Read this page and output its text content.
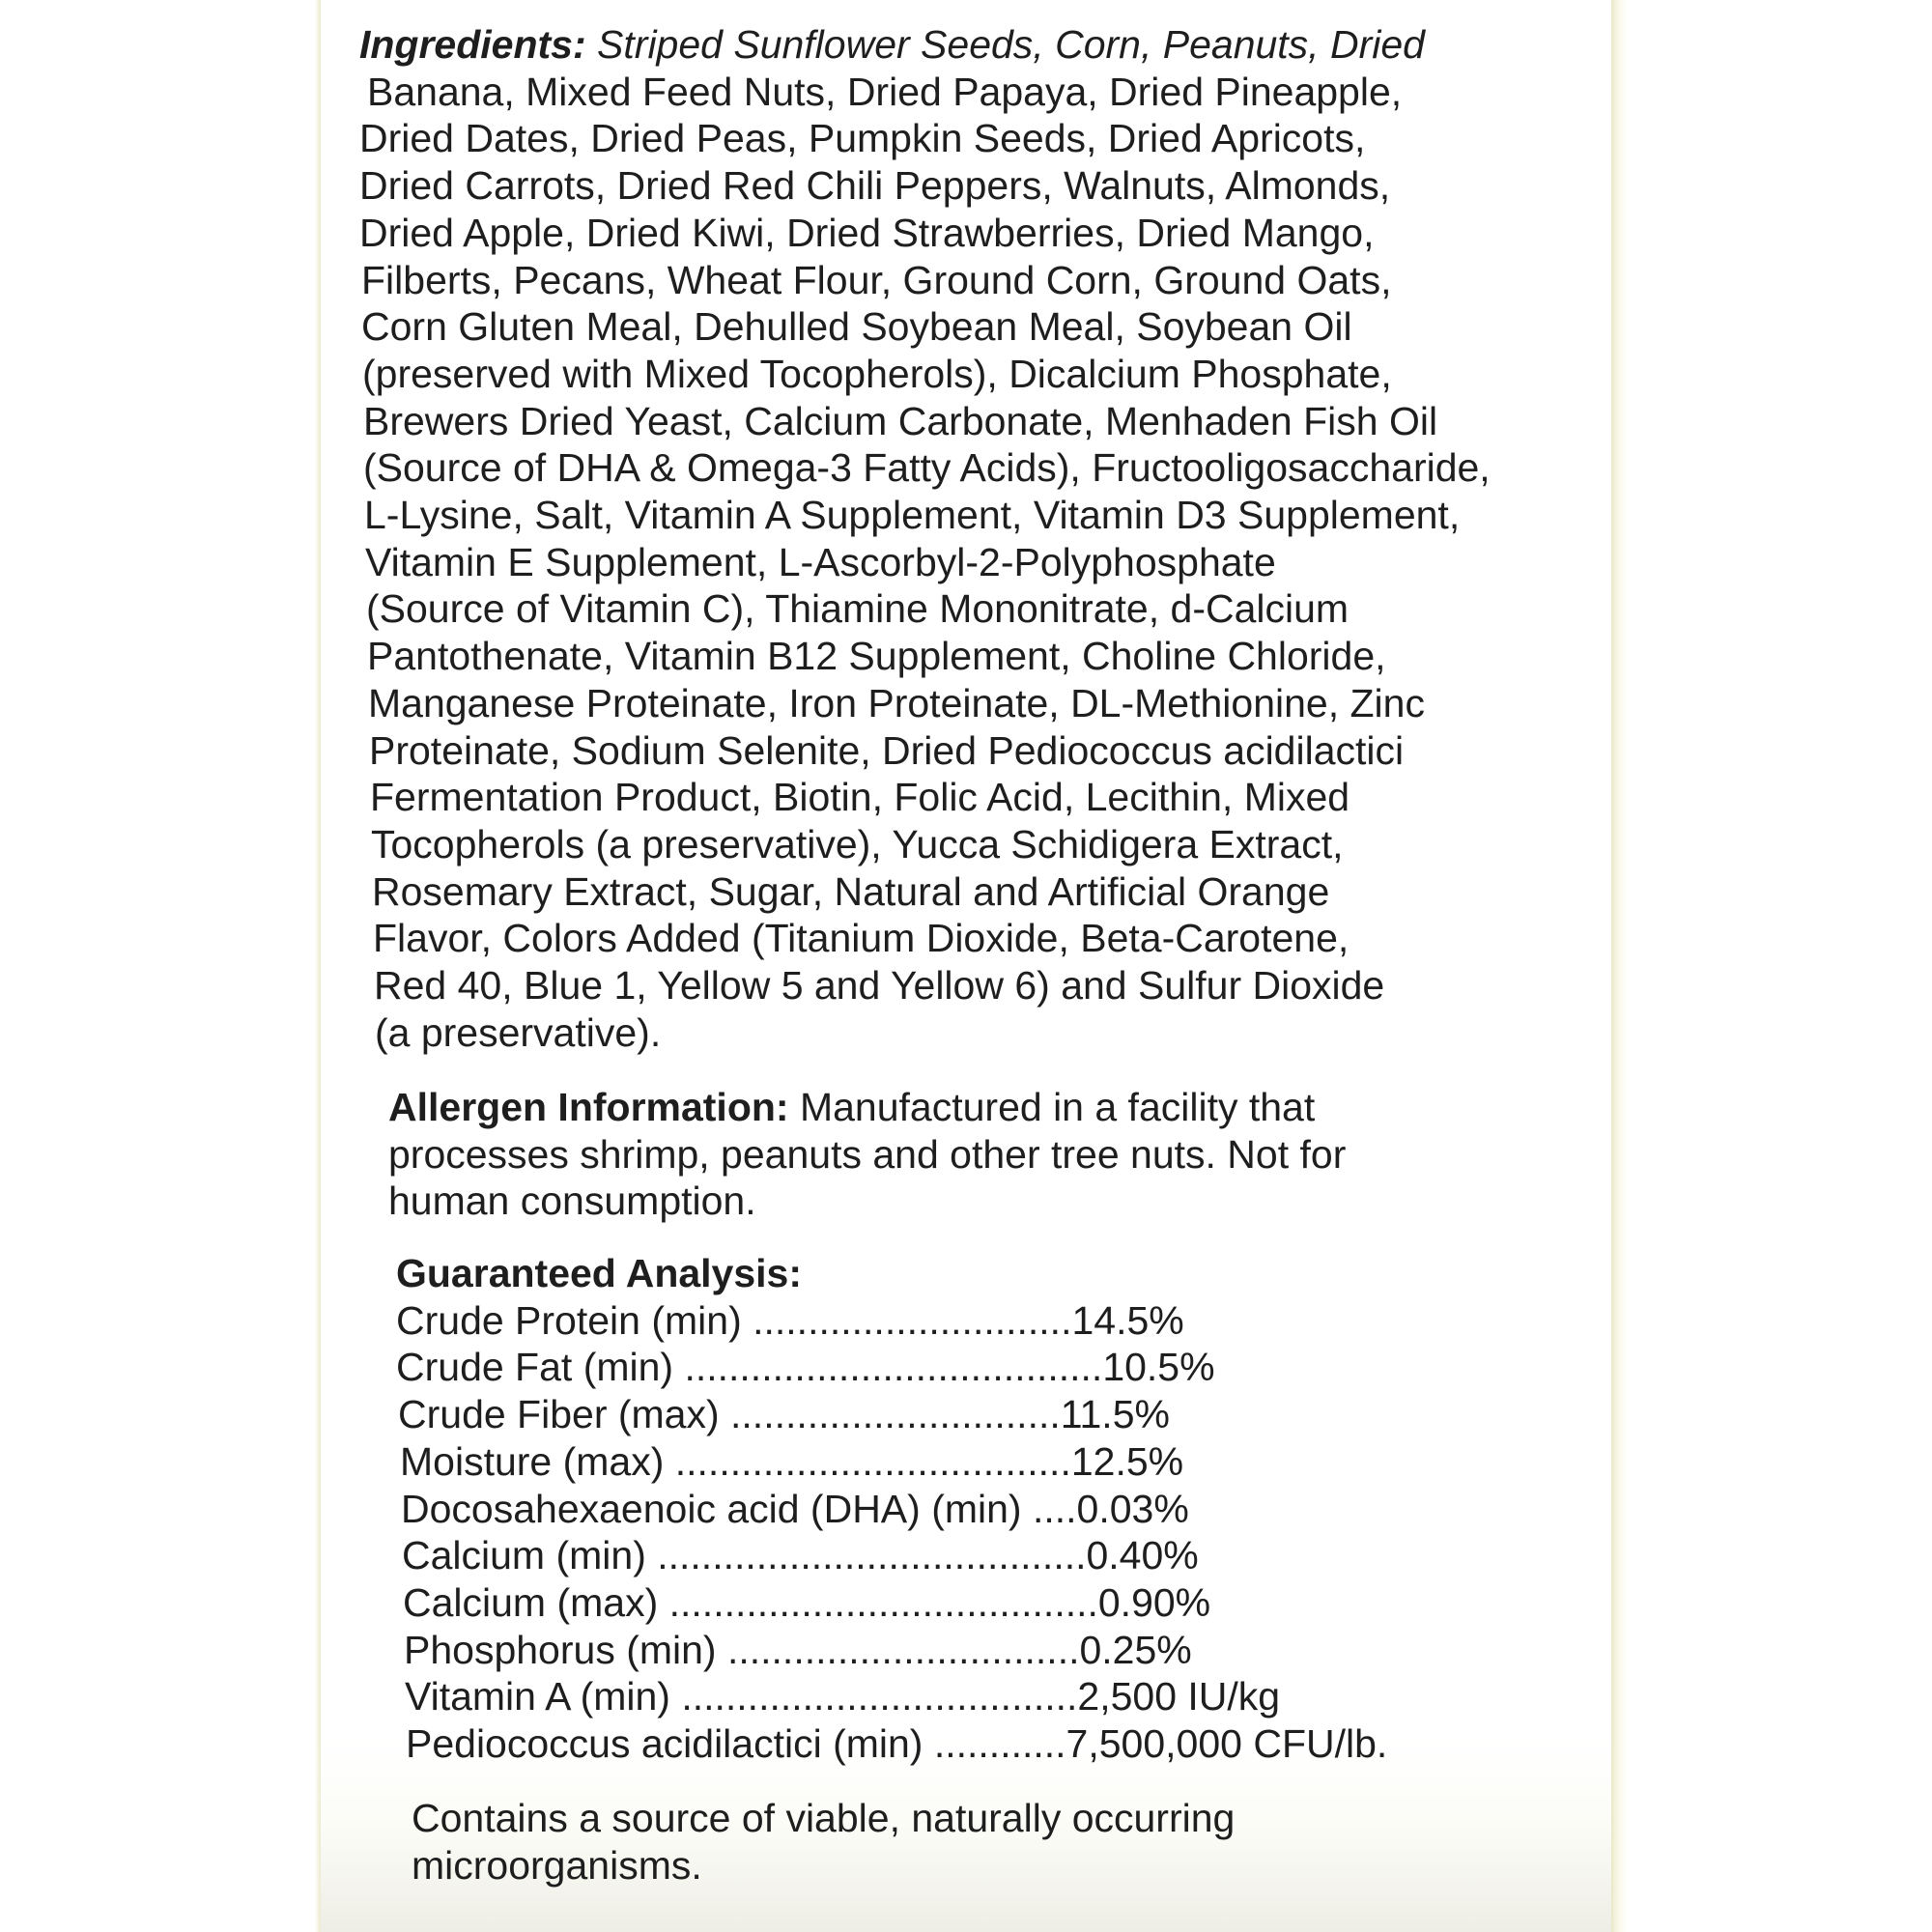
Ingredients: Striped Sunflower Seeds, Corn, Peanuts, Dried
Banana, Mixed Feed Nuts, Dried Papaya, Dried Pineapple,
Dried Dates, Dried Peas, Pumpkin Seeds, Dried Apricots,
Dried Carrots, Dried Red Chili Peppers, Walnuts, Almonds,
Dried Apple, Dried Kiwi, Dried Strawberries, Dried Mango,
Filberts, Pecans, Wheat Flour, Ground Corn, Ground Oats,
Corn Gluten Meal, Dehulled Soybean Meal, Soybean Oil
(preserved with Mixed Tocopherols), Dicalcium Phosphate,
Brewers Dried Yeast, Calcium Carbonate, Menhaden Fish Oil
(Source of DHA & Omega-3 Fatty Acids), Fructooligosaccharide,
L-Lysine, Salt, Vitamin A Supplement, Vitamin D3 Supplement,
Vitamin E Supplement, L-Ascorbyl-2-Polyphosphate
(Source of Vitamin C), Thiamine Mononitrate, d-Calcium
Pantothenate, Vitamin B12 Supplement, Choline Chloride,
Manganese Proteinate, Iron Proteinate, DL-Methionine, Zinc
Proteinate, Sodium Selenite, Dried Pediococcus acidilactici
Fermentation Product, Biotin, Folic Acid, Lecithin, Mixed
Tocopherols (a preservative), Yucca Schidigera Extract,
Rosemary Extract, Sugar, Natural and Artificial Orange
Flavor, Colors Added (Titanium Dioxide, Beta-Carotene,
Red 40, Blue 1, Yellow 5 and Yellow 6) and Sulfur Dioxide
(a preservative).
Allergen Information: Manufactured in a facility that
processes shrimp, peanuts and other tree nuts. Not for
human consumption.
Guaranteed Analysis:
Crude Protein (min) .............................14.5%
Crude Fat (min) ......................................10.5%
Crude Fiber (max) ..............................11.5%
Moisture (max) ....................................12.5%
Docosahexaenoic acid (DHA) (min) ....0.03%
Calcium (min) .......................................0.40%
Calcium (max) .......................................0.90%
Phosphorus (min) ................................0.25%
Vitamin A (min) ....................................2,500 IU/kg
Pediococcus acidilactici (min) ............7,500,000 CFU/lb.
Contains a source of viable, naturally occurring
microorganisms.
